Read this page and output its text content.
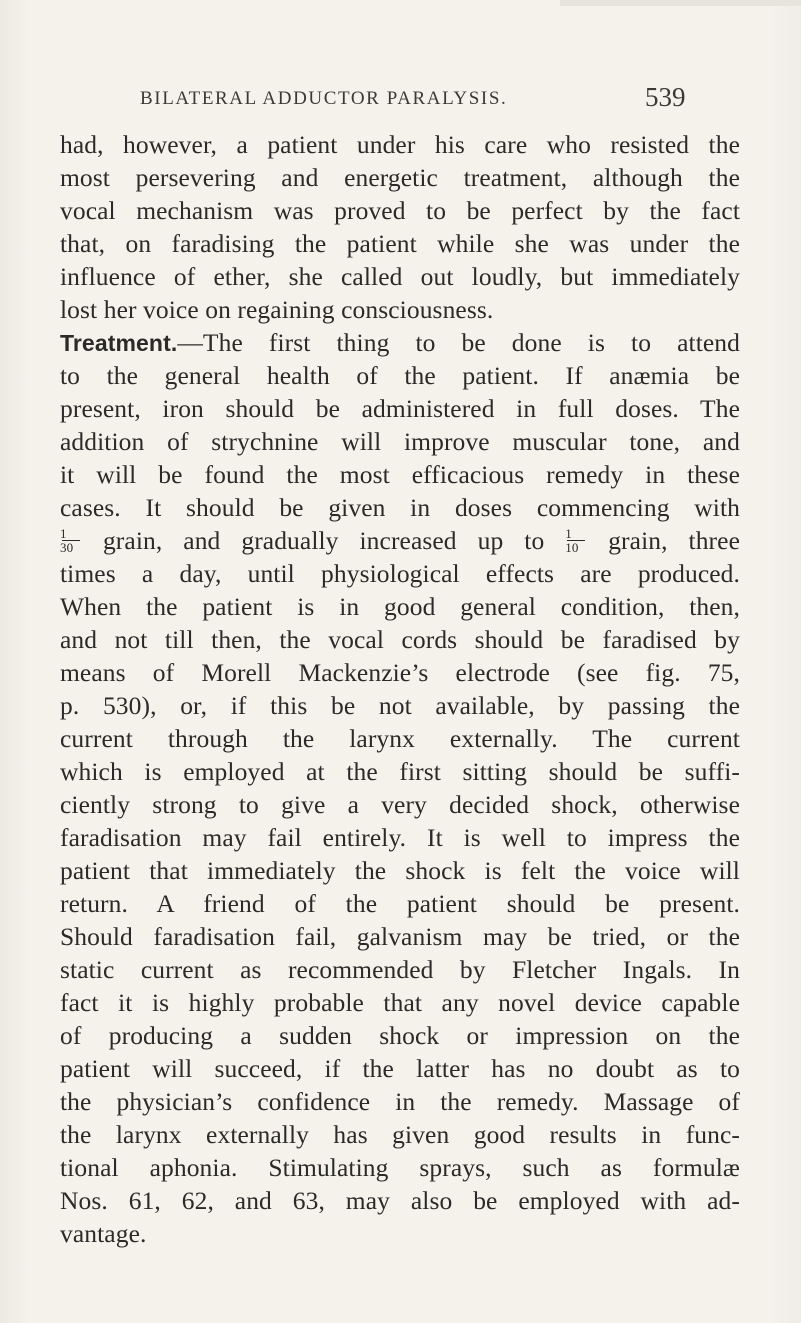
BILATERAL ADDUCTOR PARALYSIS.	539
had, however, a patient under his care who resisted the
most persevering and energetic treatment, although the
vocal mechanism was proved to be perfect by the fact
that, on faradising the patient while she was under the
influence of ether, she called out loudly, but immediately
lost her voice on regaining consciousness.
Treatment.—The first thing to be done is to attend
to the general health of the patient. If anæmia be
present, iron should be administered in full doses. The
addition of strychnine will improve muscular tone, and
it will be found the most efficacious remedy in these
cases. It should be given in doses commencing with
$\frac{1}{30}$ grain, and gradually increased up to $\frac{1}{10}$ grain, three
times a day, until physiological effects are produced.
When the patient is in good general condition, then,
and not till then, the vocal cords should be faradised by
means of Morell Mackenzie’s electrode (see fig. 75,
p. 530), or, if this be not available, by passing the
current through the larynx externally. The current
which is employed at the first sitting should be suffi-
ciently strong to give a very decided shock, otherwise
faradisation may fail entirely. It is well to impress the
patient that immediately the shock is felt the voice will
return. A friend of the patient should be present.
Should faradisation fail, galvanism may be tried, or the
static current as recommended by Fletcher Ingals. In
fact it is highly probable that any novel device capable
of producing a sudden shock or impression on the
patient will succeed, if the latter has no doubt as to
the physician’s confidence in the remedy. Massage of
the larynx externally has given good results in func-
tional aphonia. Stimulating sprays, such as formulæ
Nos. 61, 62, and 63, may also be employed with ad-
vantage.
